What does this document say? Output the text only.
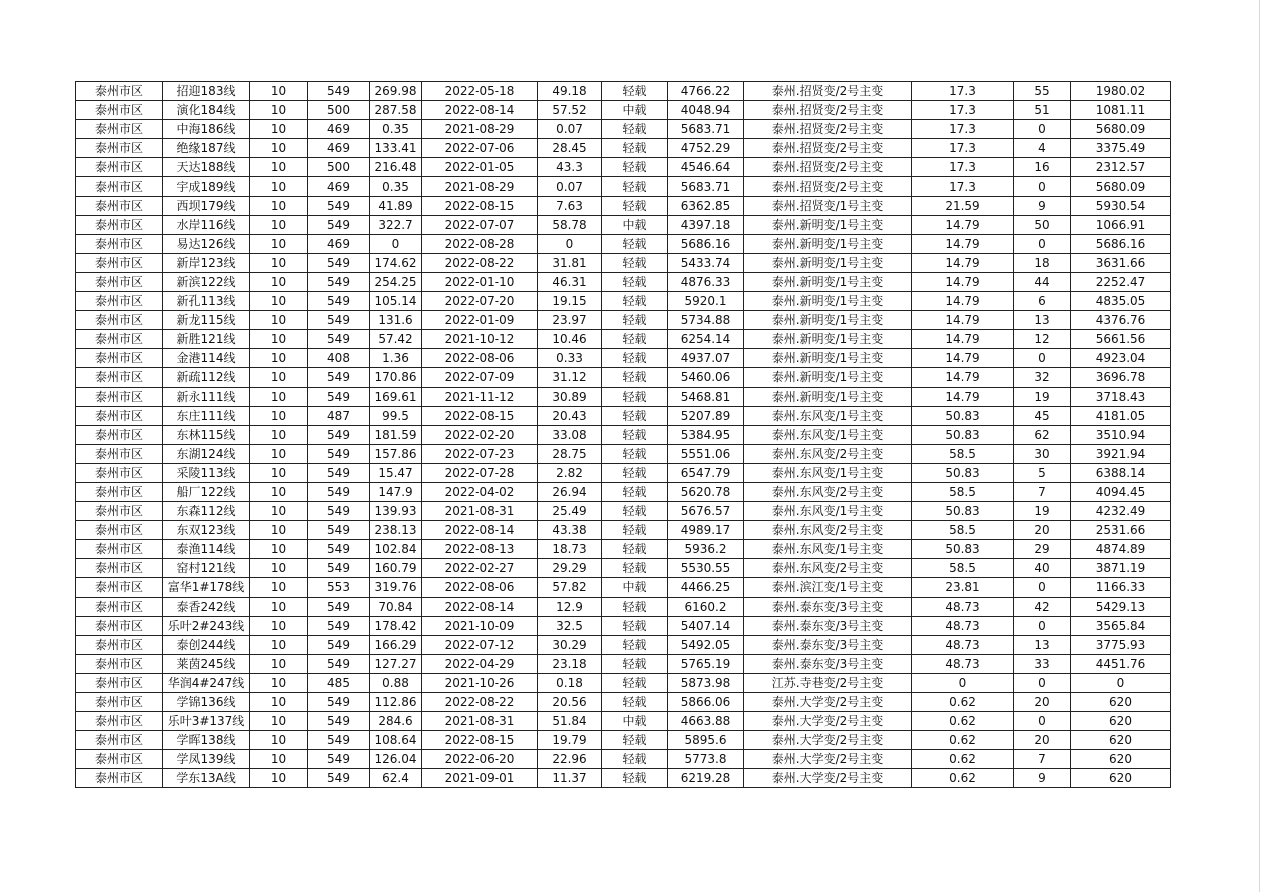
泰州市区	招迎183线	10	549	269.98	2022-05-18	49.18	轻载	4766.22	泰州.招贤变/2号主变	17.3	55	1980.02
泰州市区	演化184线	10	500	287.58	2022-08-14	57.52	中载	4048.94	泰州.招贤变/2号主变	17.3	51	1081.11
泰州市区	中海186线	10	469	0.35	2021-08-29	0.07	轻载	5683.71	泰州.招贤变/2号主变	17.3	0	5680.09
泰州市区	绝缘187线	10	469	133.41	2022-07-06	28.45	轻载	4752.29	泰州.招贤变/2号主变	17.3	4	3375.49
泰州市区	天达188线	10	500	216.48	2022-01-05	43.3	轻载	4546.64	泰州.招贤变/2号主变	17.3	16	2312.57
泰州市区	宇成189线	10	469	0.35	2021-08-29	0.07	轻载	5683.71	泰州.招贤变/2号主变	17.3	0	5680.09
泰州市区	西坝179线	10	549	41.89	2022-08-15	7.63	轻载	6362.85	泰州.招贤变/1号主变	21.59	9	5930.54
泰州市区	水岸116线	10	549	322.7	2022-07-07	58.78	中载	4397.18	泰州.新明变/1号主变	14.79	50	1066.91
泰州市区	易达126线	10	469	0	2022-08-28	0	轻载	5686.16	泰州.新明变/1号主变	14.79	0	5686.16
泰州市区	新岸123线	10	549	174.62	2022-08-22	31.81	轻载	5433.74	泰州.新明变/1号主变	14.79	18	3631.66
泰州市区	新滨122线	10	549	254.25	2022-01-10	46.31	轻载	4876.33	泰州.新明变/1号主变	14.79	44	2252.47
泰州市区	新孔113线	10	549	105.14	2022-07-20	19.15	轻载	5920.1	泰州.新明变/1号主变	14.79	6	4835.05
泰州市区	新龙115线	10	549	131.6	2022-01-09	23.97	轻载	5734.88	泰州.新明变/1号主变	14.79	13	4376.76
泰州市区	新胜121线	10	549	57.42	2021-10-12	10.46	轻载	6254.14	泰州.新明变/1号主变	14.79	12	5661.56
泰州市区	金港114线	10	408	1.36	2022-08-06	0.33	轻载	4937.07	泰州.新明变/1号主变	14.79	0	4923.04
泰州市区	新疏112线	10	549	170.86	2022-07-09	31.12	轻载	5460.06	泰州.新明变/1号主变	14.79	32	3696.78
泰州市区	新永111线	10	549	169.61	2021-11-12	30.89	轻载	5468.81	泰州.新明变/1号主变	14.79	19	3718.43
泰州市区	东庄111线	10	487	99.5	2022-08-15	20.43	轻载	5207.89	泰州.东风变/1号主变	50.83	45	4181.05
泰州市区	东林115线	10	549	181.59	2022-02-20	33.08	轻载	5384.95	泰州.东风变/1号主变	50.83	62	3510.94
泰州市区	东湖124线	10	549	157.86	2022-07-23	28.75	轻载	5551.06	泰州.东风变/2号主变	58.5	30	3921.94
泰州市区	采陵113线	10	549	15.47	2022-07-28	2.82	轻载	6547.79	泰州.东风变/1号主变	50.83	5	6388.14
泰州市区	船厂122线	10	549	147.9	2022-04-02	26.94	轻载	5620.78	泰州.东风变/2号主变	58.5	7	4094.45
泰州市区	东森112线	10	549	139.93	2021-08-31	25.49	轻载	5676.57	泰州.东风变/1号主变	50.83	19	4232.49
泰州市区	东双123线	10	549	238.13	2022-08-14	43.38	轻载	4989.17	泰州.东风变/2号主变	58.5	20	2531.66
泰州市区	泰渔114线	10	549	102.84	2022-08-13	18.73	轻载	5936.2	泰州.东风变/1号主变	50.83	29	4874.89
泰州市区	窑村121线	10	549	160.79	2022-02-27	29.29	轻载	5530.55	泰州.东风变/2号主变	58.5	40	3871.19
泰州市区	富华1#178线	10	553	319.76	2022-08-06	57.82	中载	4466.25	泰州.滨江变/1号主变	23.81	0	1166.33
泰州市区	泰香242线	10	549	70.84	2022-08-14	12.9	轻载	6160.2	泰州.泰东变/3号主变	48.73	42	5429.13
泰州市区	乐叶2#243线	10	549	178.42	2021-10-09	32.5	轻载	5407.14	泰州.泰东变/3号主变	48.73	0	3565.84
泰州市区	泰创244线	10	549	166.29	2022-07-12	30.29	轻载	5492.05	泰州.泰东变/3号主变	48.73	13	3775.93
泰州市区	莱茵245线	10	549	127.27	2022-04-29	23.18	轻载	5765.19	泰州.泰东变/3号主变	48.73	33	4451.76
泰州市区	华润4#247线	10	485	0.88	2021-10-26	0.18	轻载	5873.98	江苏.寺巷变/2号主变	0	0	0
泰州市区	学锦136线	10	549	112.86	2022-08-22	20.56	轻载	5866.06	泰州.大学变/2号主变	0.62	20	620
泰州市区	乐叶3#137线	10	549	284.6	2021-08-31	51.84	中载	4663.88	泰州.大学变/2号主变	0.62	0	620
泰州市区	学晖138线	10	549	108.64	2022-08-15	19.79	轻载	5895.6	泰州.大学变/2号主变	0.62	20	620
泰州市区	学凤139线	10	549	126.04	2022-06-20	22.96	轻载	5773.8	泰州.大学变/2号主变	0.62	7	620
泰州市区	学东13A线	10	549	62.4	2021-09-01	11.37	轻载	6219.28	泰州.大学变/2号主变	0.62	9	620
